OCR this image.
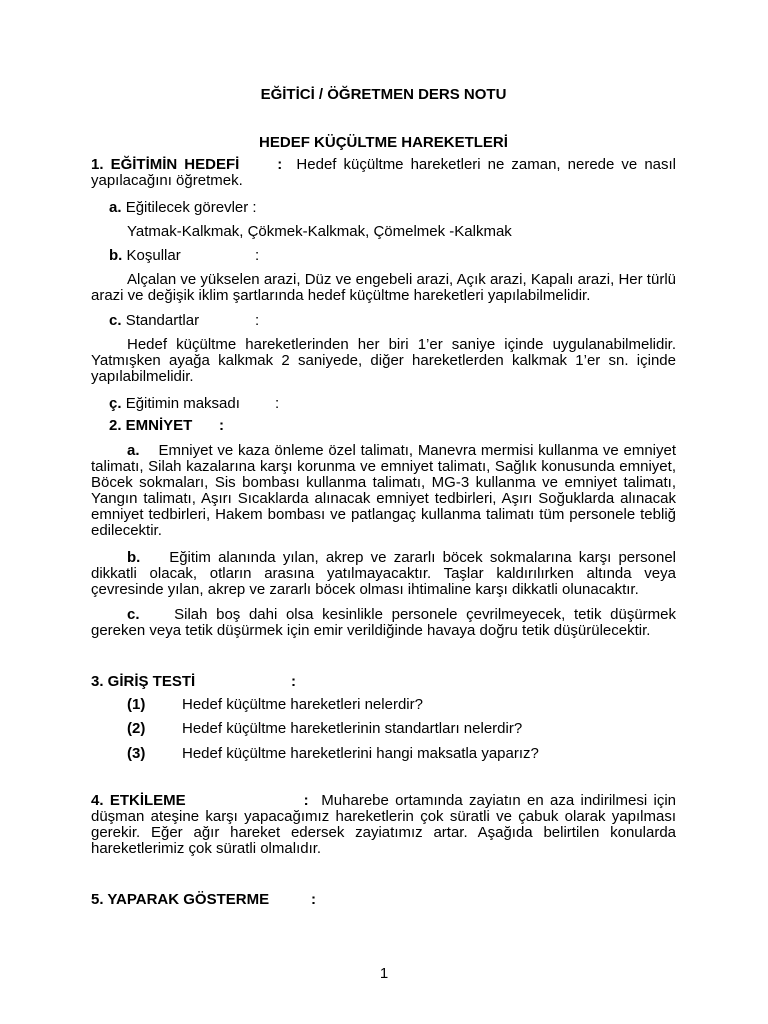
EĞİTİCİ / ÖĞRETMEN DERS NOTU
HEDEF KÜÇÜLTME HAREKETLERİ
1. EĞİTİMİN HEDEFİ	: Hedef küçültme hareketleri ne zaman, nerede ve nasıl yapılacağını öğretmek.
a. Eğitilecek görevler :
Yatmak-Kalkmak, Çökmek-Kalkmak, Çömelmek -Kalkmak
b. Koşullar	:
Alçalan ve yükselen arazi, Düz ve engebeli arazi, Açık arazi, Kapalı arazi, Her türlü arazi ve değişik iklim şartlarında hedef küçültme hareketleri yapılabilmelidir.
c. Standartlar	:
Hedef küçültme hareketlerinden her biri 1’er saniye içinde uygulanabilmelidir. Yatmışken ayağa kalkmak 2 saniyede, diğer hareketlerden kalkmak 1’er sn. içinde yapılabilmelidir.
ç. Eğitimin maksadı :
2. EMNİYET :
a. Emniyet ve kaza önleme özel talimatı, Manevra mermisi kullanma ve emniyet talimatı, Silah kazalarına karşı korunma ve emniyet talimatı, Sağlık konusunda emniyet, Böcek sokmaları, Sis bombası kullanma talimatı, MG-3 kullanma ve emniyet talimatı, Yangın talimatı, Aşırı Sıcaklarda alınacak emniyet tedbirleri, Aşırı Soğuklarda alınacak emniyet tedbirleri, Hakem bombası ve patlangaç kullanma talimatı tüm personele tebliğ edilecektir.
b. Eğitim alanında yılan, akrep ve zararlı böcek sokmalarına karşı personel dikkatli olacak, otların arasına yatılmayacaktır. Taşlar kaldırılırken altında veya çevresinde yılan, akrep ve zararlı böcek olması ihtimaline karşı dikkatli olunacaktır.
c. Silah boş dahi olsa kesinlikle personele çevrilmeyecek, tetik düşürmek gereken veya tetik düşürmek için emir verildiğinde havaya doğru tetik düşürülecektir.
3. GİRİŞ TESTİ	:
(1) Hedef küçültme hareketleri nelerdir?
(2) Hedef küçültme hareketlerinin standartları nelerdir?
(3) Hedef küçültme hareketlerini hangi maksatla yaparız?
4. ETKİLEME	: Muharebe ortamında zayiatın en aza indirilmesi için düşman ateşine karşı yapacağımız hareketlerin çok süratli ve çabuk olarak yapılması gerekir. Eğer ağır hareket edersek zayiatımız artar. Aşağıda belirtilen konularda hareketlerimiz çok süratli olmalıdır.
5. YAPARAK GÖSTERME	:
1
